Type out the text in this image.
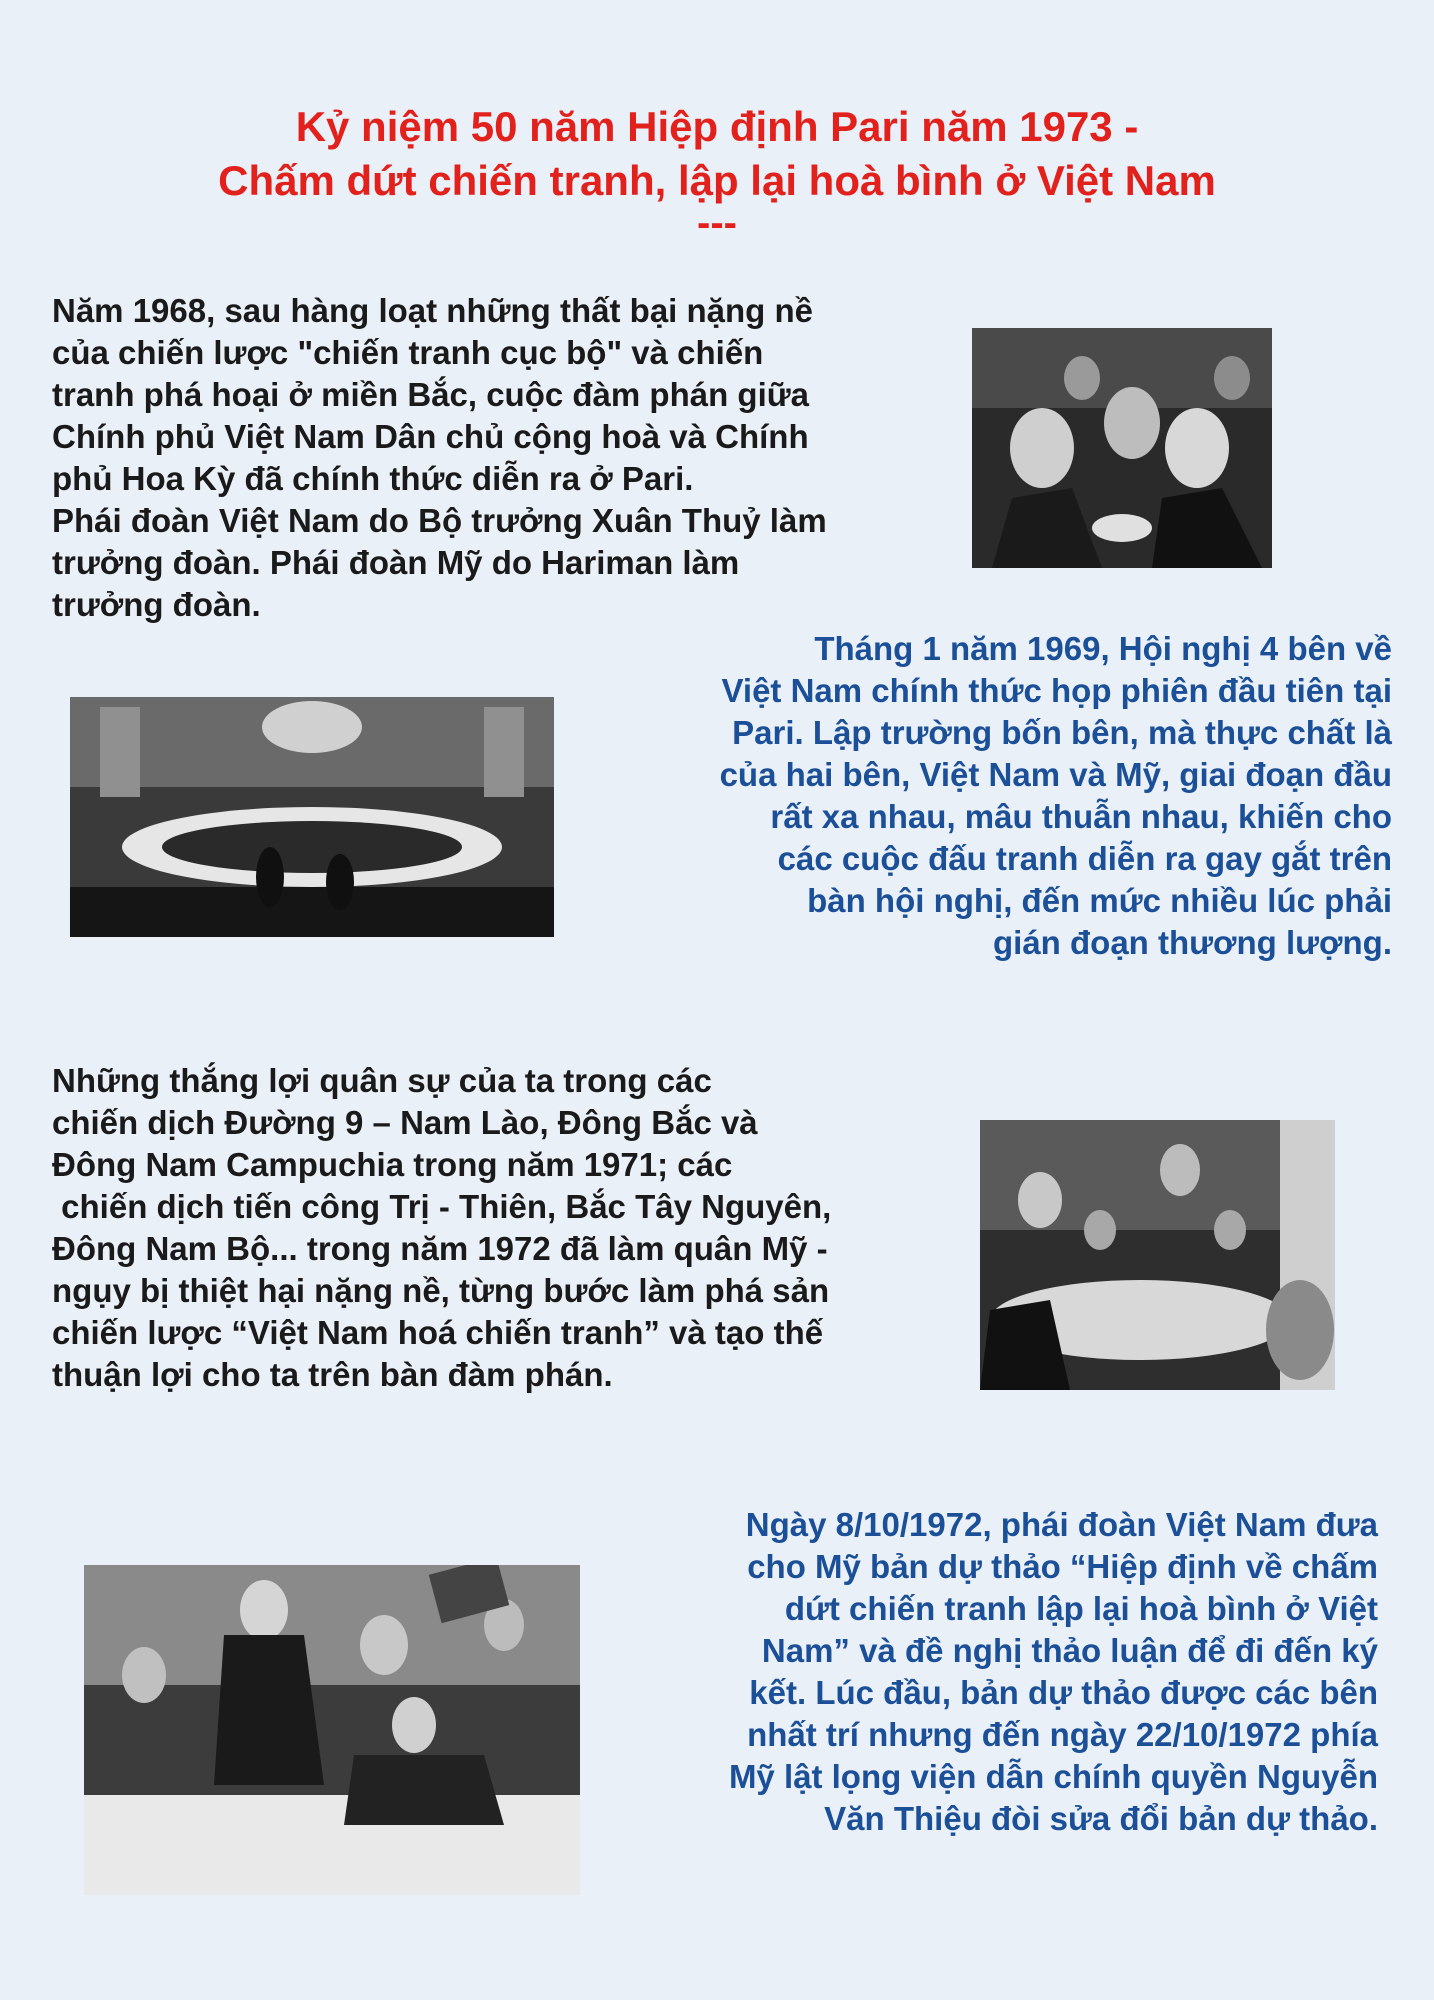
Kỷ niệm 50 năm Hiệp định Pari năm 1973 -
Chấm dứt chiến tranh, lập lại hoà bình ở Việt Nam
---
Năm 1968, sau hàng loạt những thất bại nặng nề
của chiến lược "chiến tranh cục bộ" và chiến
tranh phá hoại ở miền Bắc, cuộc đàm phán giữa
Chính phủ Việt Nam Dân chủ cộng hoà và Chính
phủ Hoa Kỳ đã chính thức diễn ra ở Pari.
Phái đoàn Việt Nam do Bộ trưởng Xuân Thuỷ làm
trưởng đoàn. Phái đoàn Mỹ do Hariman làm
trưởng đoàn.
Tháng 1 năm 1969, Hội nghị 4 bên về
Việt Nam chính thức họp phiên đầu tiên tại
Pari. Lập trường bốn bên, mà thực chất là
của hai bên, Việt Nam và Mỹ, giai đoạn đầu
rất xa nhau, mâu thuẫn nhau, khiến cho
các cuộc đấu tranh diễn ra gay gắt trên
bàn hội nghị, đến mức nhiều lúc phải
gián đoạn thương lượng.
Những thắng lợi quân sự của ta trong các
chiến dịch Đường 9 – Nam Lào, Đông Bắc và
Đông Nam Campuchia trong năm 1971; các
chiến dịch tiến công Trị - Thiên, Bắc Tây Nguyên,
Đông Nam Bộ... trong năm 1972 đã làm quân Mỹ -
ngụy bị thiệt hại nặng nề, từng bước làm phá sản
chiến lược “Việt Nam hoá chiến tranh” và tạo thế
thuận lợi cho ta trên bàn đàm phán.
Ngày 8/10/1972, phái đoàn Việt Nam đưa
cho Mỹ bản dự thảo “Hiệp định về chấm
dứt chiến tranh lập lại hoà bình ở Việt
Nam” và đề nghị thảo luận để đi đến ký
kết. Lúc đầu, bản dự thảo được các bên
nhất trí nhưng đến ngày 22/10/1972 phía
Mỹ lật lọng viện dẫn chính quyền Nguyễn
Văn Thiệu đòi sửa đổi bản dự thảo.
